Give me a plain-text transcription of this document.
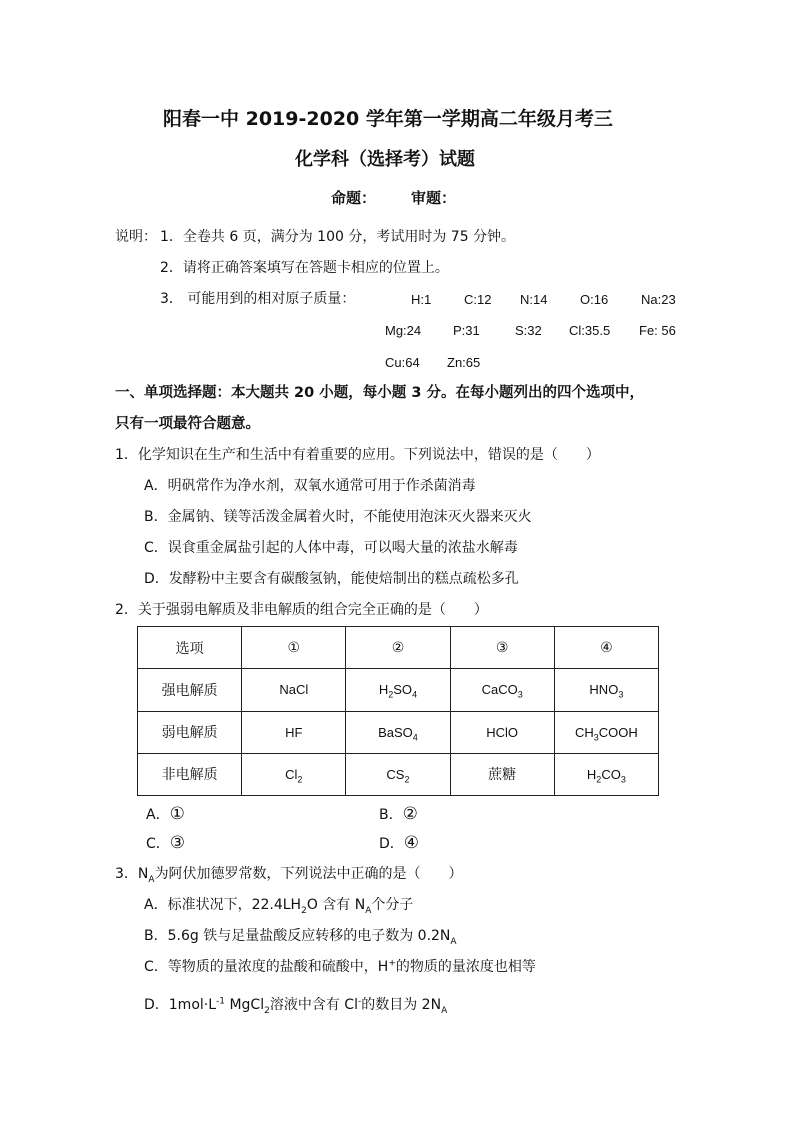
阳春一中 2019-2020 学年第一学期高二年级月考三
化学科（选择考）试题
命题： 审题：
说明： 1．全卷共 6 页，满分为 100 分，考试用时为 75 分钟。
2．请将正确答案填写在答题卡相应的位置上。
3． 可能用到的相对原子质量：	H:1	C:12 N:14	O:16	Na:23
Mg:24 P:31	S:32 Cl:35.5 Fe: 56
Cu:64 Zn:65
一、单项选择题：本大题共 20 小题，每小题 3 分。在每小题列出的四个选项中，
只有一项最符合题意。
1．化学知识在生产和生活中有着重要的应用。下列说法中，错误的是（　　）
A．明矾常作为净水剂，双氧水通常可用于作杀菌消毒
B．金属钠、镁等活泼金属着火时，不能使用泡沫灭火器来灭火
C．误食重金属盐引起的人体中毒，可以喝大量的浓盐水解毒
D．发酵粉中主要含有碳酸氢钠，能使焙制出的糕点疏松多孔
2．关于强弱电解质及非电解质的组合完全正确的是（　　）
选项	①	②	③	④
强电解质	NaCl	$H_2SO_4$	CaCO$_3$	$HNO_3$
弱电解质	HF	BaSO$_4$	HClO	$CH_3COOH$
非电解质	$Cl_2$	$CS_2$	蔗糖	$H_2CO_3$
A．①	B．②
C．③	D．④
3．$N_A$为阿伏加德罗常数，下列说法中正确的是（　　）
A．标准状况下，$22.4LH_2O$ 含有 $N_A$个分子
B．5.6g 铁与足量盐酸反应转移的电子数为 $0.2N_A$
C．等物质的量浓度的盐酸和硫酸中，H+的物质的量浓度也相等
D．$1mol\cdot L^{-1}$ MgCl$_2$溶液中含有 Cl-的数目为 $2N_A$
